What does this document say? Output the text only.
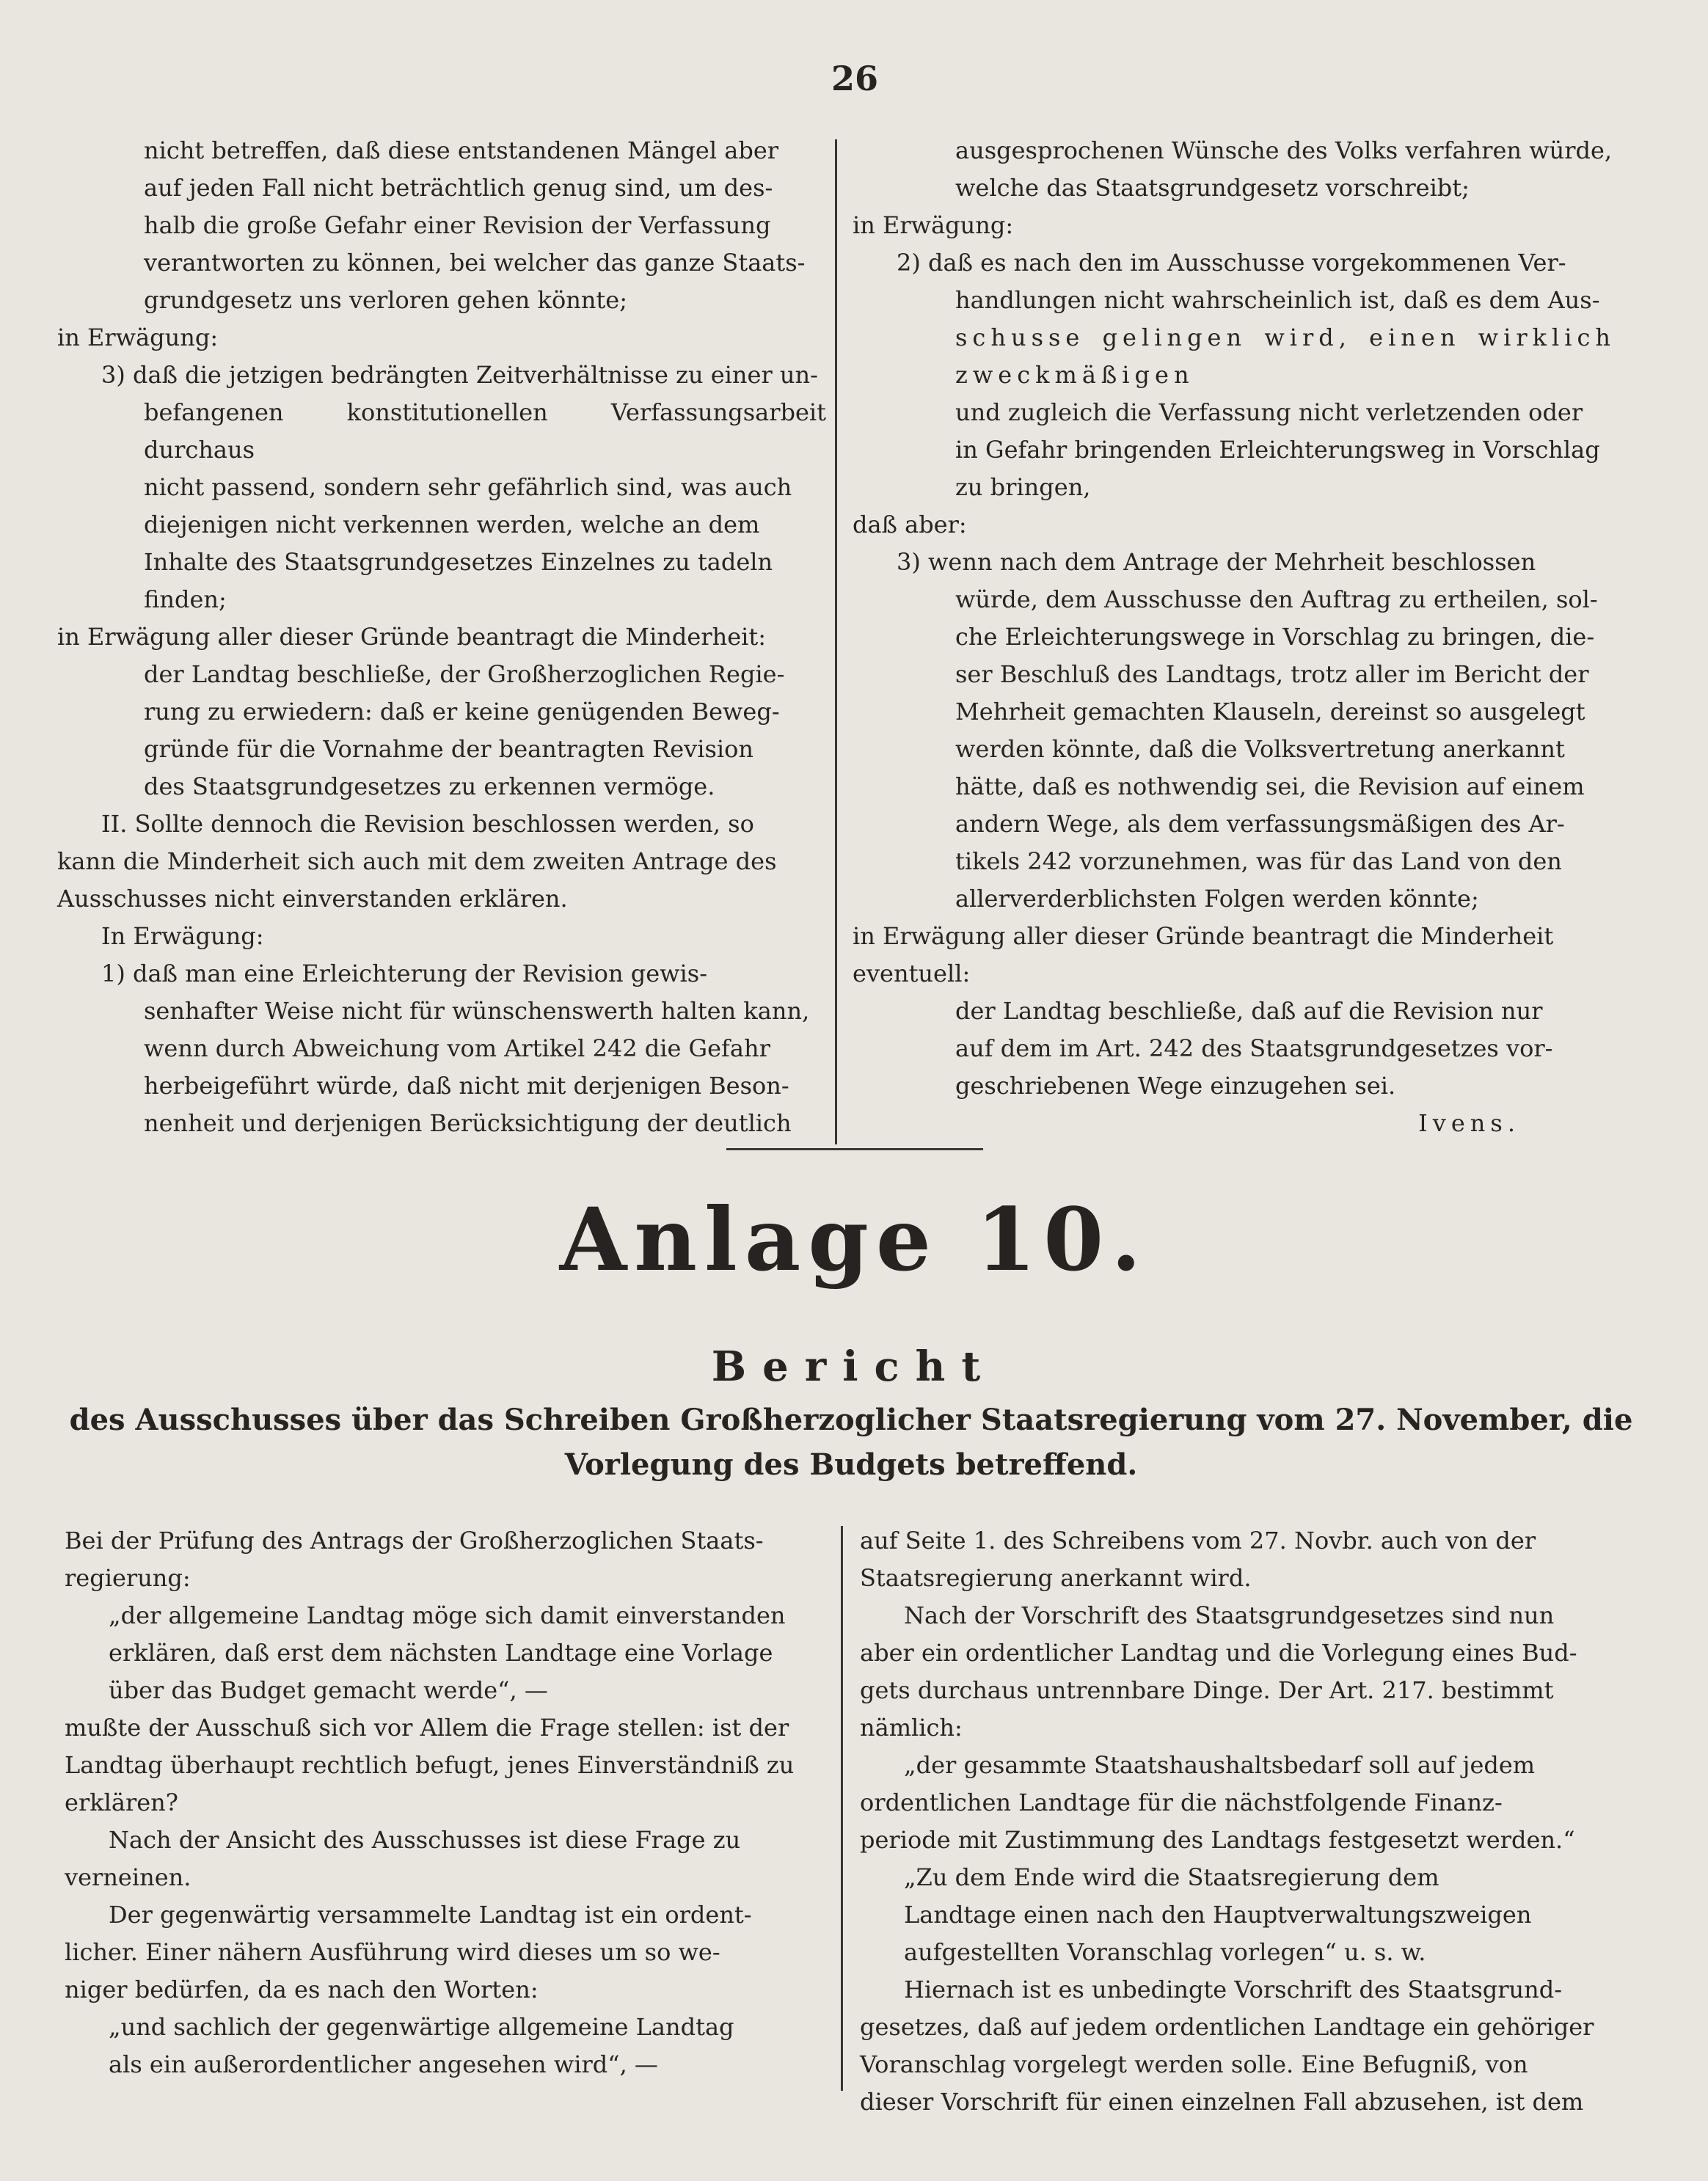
26

nicht betreffen, daß diese entstandenen Mängel aber

auf jeden Fall nicht beträchtlich genug sind, um des-

halb die große Gefahr einer Revision der Verfassung

verantworten zu können, bei welcher das ganze Staats-

grundgesetz uns verloren gehen könnte;

in Erwägung:

3) daß die jetzigen bedrängten Zeitverhältnisse zu einer un-

befangenen konstitutionellen Verfassungsarbeit durchaus

nicht passend, sondern sehr gefährlich sind, was auch

diejenigen nicht verkennen werden, welche an dem

Inhalte des Staatsgrundgesetzes Einzelnes zu tadeln

finden;

in Erwägung aller dieser Gründe beantragt die Minderheit:

der Landtag beschließe, der Großherzoglichen Regie-

rung zu erwiedern: daß er keine genügenden Beweg-

gründe für die Vornahme der beantragten Revision

des Staatsgrundgesetzes zu erkennen vermöge.

II. Sollte dennoch die Revision beschlossen werden, so

kann die Minderheit sich auch mit dem zweiten Antrage des

Ausschusses nicht einverstanden erklären.

In Erwägung:

1) daß man eine Erleichterung der Revision gewis-

senhafter Weise nicht für wünschenswerth halten kann,

wenn durch Abweichung vom Artikel 242 die Gefahr

herbeigeführt würde, daß nicht mit derjenigen Beson-

nenheit und derjenigen Berücksichtigung der deutlich

ausgesprochenen Wünsche des Volks verfahren würde,

welche das Staatsgrundgesetz vorschreibt;

in Erwägung:

2) daß es nach den im Ausschusse vorgekommenen Ver-

handlungen nicht wahrscheinlich ist, daß es dem Aus-

schusse gelingen wird, einen wirklich zweckmäßigen

und zugleich die Verfassung nicht verletzenden oder

in Gefahr bringenden Erleichterungsweg in Vorschlag

zu bringen,

daß aber:

3) wenn nach dem Antrage der Mehrheit beschlossen

würde, dem Ausschusse den Auftrag zu ertheilen, sol-

che Erleichterungswege in Vorschlag zu bringen, die-

ser Beschluß des Landtags, trotz aller im Bericht der

Mehrheit gemachten Klauseln, dereinst so ausgelegt

werden könnte, daß die Volksvertretung anerkannt

hätte, daß es nothwendig sei, die Revision auf einem

andern Wege, als dem verfassungsmäßigen des Ar-

tikels 242 vorzunehmen, was für das Land von den

allerverderblichsten Folgen werden könnte;

in Erwägung aller dieser Gründe beantragt die Minderheit

eventuell:

der Landtag beschließe, daß auf die Revision nur

auf dem im Art. 242 des Staatsgrundgesetzes vor-

geschriebenen Wege einzugehen sei.

Ivens.

Anlage 10.
Bericht
des Ausschusses über das Schreiben Großherzoglicher Staatsregierung vom 27. November, die
Vorlegung des Budgets betreffend.

Bei der Prüfung des Antrags der Großherzoglichen Staats-

regierung:

„der allgemeine Landtag möge sich damit einverstanden

erklären, daß erst dem nächsten Landtage eine Vorlage

über das Budget gemacht werde“, —

mußte der Ausschuß sich vor Allem die Frage stellen: ist der

Landtag überhaupt rechtlich befugt, jenes Einverständniß zu

erklären?

Nach der Ansicht des Ausschusses ist diese Frage zu

verneinen.

Der gegenwärtig versammelte Landtag ist ein ordent-

licher. Einer nähern Ausführung wird dieses um so we-

niger bedürfen, da es nach den Worten:

„und sachlich der gegenwärtige allgemeine Landtag

als ein außerordentlicher angesehen wird“, —

auf Seite 1. des Schreibens vom 27. Novbr. auch von der

Staatsregierung anerkannt wird.

Nach der Vorschrift des Staatsgrundgesetzes sind nun

aber ein ordentlicher Landtag und die Vorlegung eines Bud-

gets durchaus untrennbare Dinge. Der Art. 217. bestimmt

nämlich:

„der gesammte Staatshaushaltsbedarf soll auf jedem

ordentlichen Landtage für die nächstfolgende Finanz-

periode mit Zustimmung des Landtags festgesetzt werden.“

„Zu dem Ende wird die Staatsregierung dem

Landtage einen nach den Hauptverwaltungszweigen

aufgestellten Voranschlag vorlegen“ u. s. w.

Hiernach ist es unbedingte Vorschrift des Staatsgrund-

gesetzes, daß auf jedem ordentlichen Landtage ein gehöriger

Voranschlag vorgelegt werden solle. Eine Befugniß, von

dieser Vorschrift für einen einzelnen Fall abzusehen, ist dem
